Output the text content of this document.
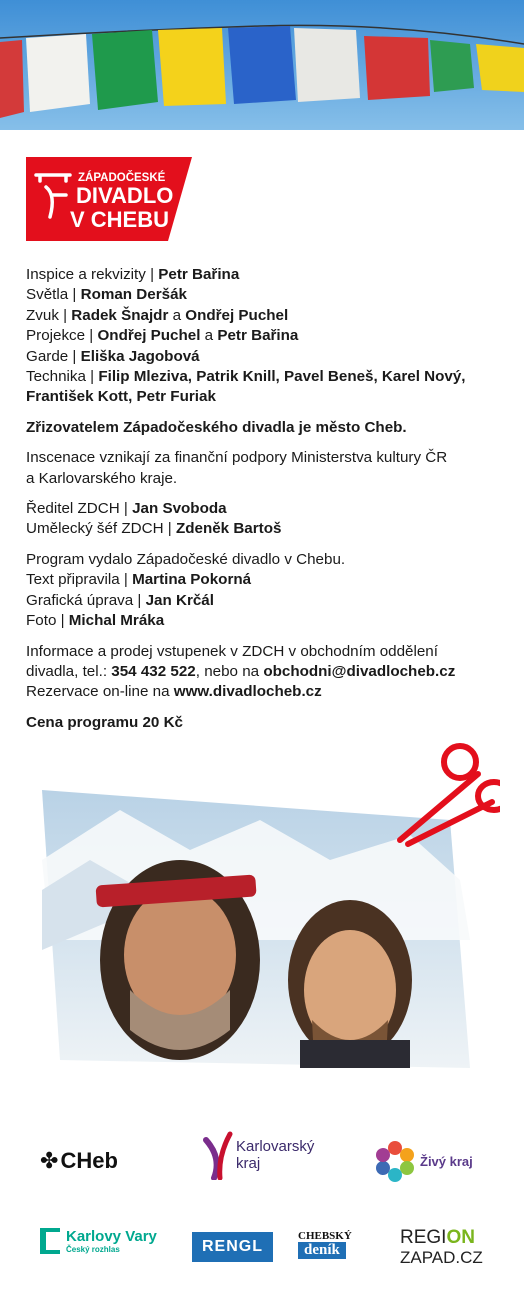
ZÁPADOČESKÉ
DIVADLO
V CHEBU

Inspice a rekvizity | Petr Bařina

Světla | Roman Deršák

Zvuk | Radek Šnajdr a Ondřej Puchel

Projekce | Ondřej Puchel a Petr Bařina

Garde | Eliška Jagobová

Technika | Filip Mleziva, Patrik Knill, Pavel Beneš, Karel Nový,

František Kott, Petr Furiak

Zřizovatelem Západočeského divadla je město Cheb.

Inscenace vznikají za finanční podpory Ministerstva kultury ČR

a Karlovarského kraje.

Ředitel ZDCH | Jan Svoboda

Umělecký šéf ZDCH | Zdeněk Bartoš

Program vydalo Západočeské divadlo v Chebu.

Text připravila | Martina Pokorná

Grafická úprava | Jan Krčál

Foto | Michal Mráka

Informace a prodej vstupenek v ZDCH v obchodním oddělení

divadla, tel.: 354 432 522, nebo na obchodni@divadlocheb.cz

Rezervace on-line na www.divadlocheb.cz

Cena programu 20 Kč

✤ CHeb
Karlovarský
kraj	Živý kraj
Karlovy Vary
Český rozhlas	RENGL
CHEBSKÝ
deník
REGION
ZAPAD.CZ
